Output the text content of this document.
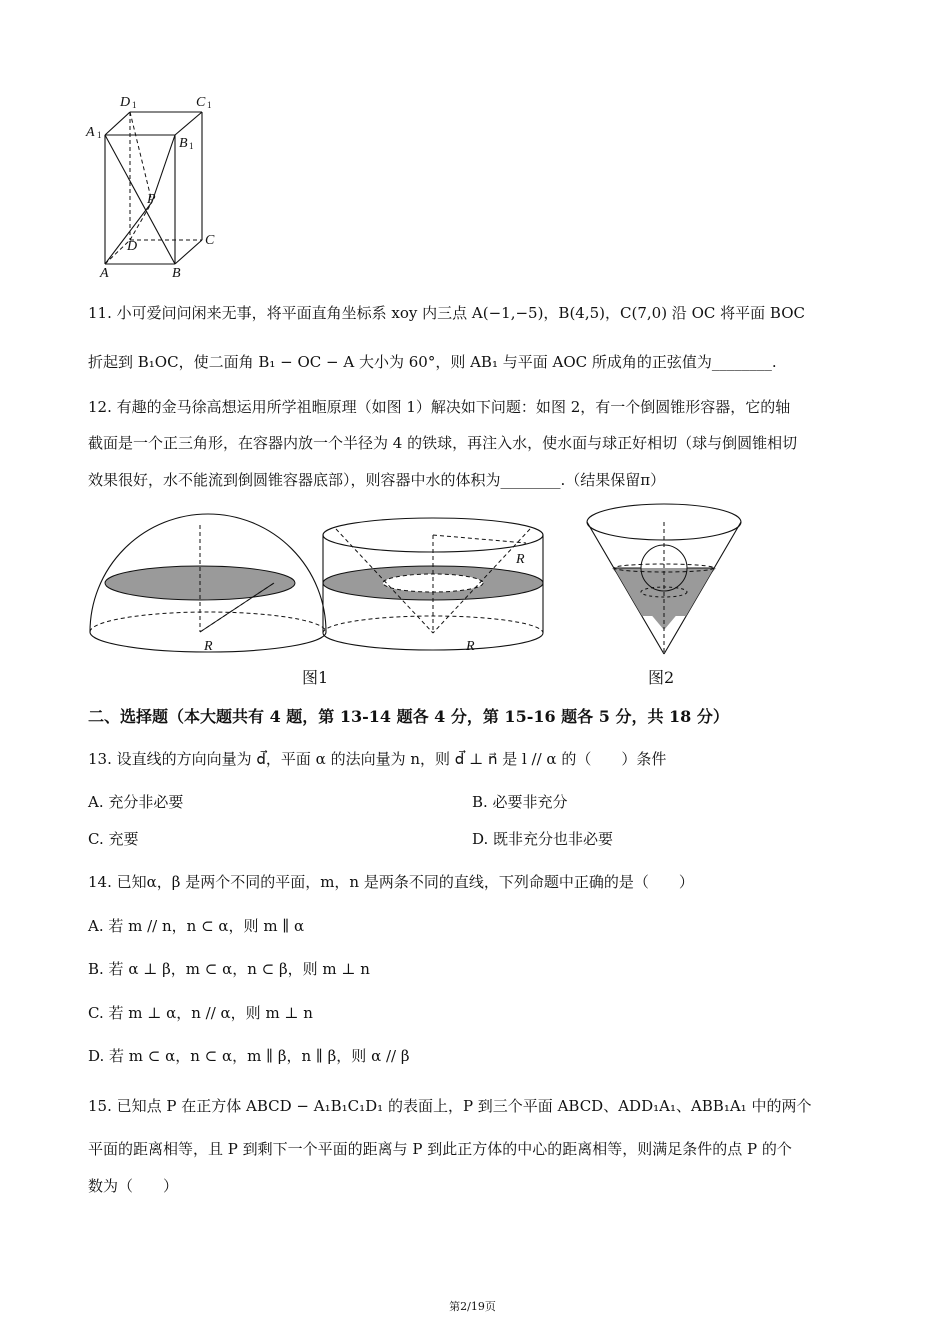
D 1	C 1
A 1
B 1
P
D	C
A	B
11. 小可爱问问闲来无事，将平面直角坐标系 xoy 内三点 A(−1,−5)，B(4,5)，C(7,0) 沿 OC 将平面 BOC
折起到 B₁OC，使二面角 B₁ − OC − A 大小为 60°，则 AB₁ 与平面 AOC 所成角的正弦值为________.
12. 有趣的金马徐高想运用所学祖暅原理（如图 1）解决如下问题：如图 2，有一个倒圆锥形容器，它的轴
截面是一个正三角形，在容器内放一个半径为 4 的铁球，再注入水，使水面与球正好相切（球与倒圆锥相切
效果很好，水不能流到倒圆锥容器底部），则容器中水的体积为________.（结果保留π）
R
R
R
图1	图2
二、选择题（本大题共有 4 题，第 13-14 题各 4 分，第 15-16 题各 5 分，共 18 分）
13. 设直线的方向向量为 d⃗，平面 α 的法向量为 n，则 d⃗ ⊥ n⃗ 是 l // α 的（　　）条件
A. 充分非必要	B. 必要非充分
C. 充要	D. 既非充分也非必要
14. 已知α，β 是两个不同的平面，m，n 是两条不同的直线，下列命题中正确的是（　　）
A. 若 m // n，n ⊂ α，则 m ∥ α
B. 若 α ⊥ β，m ⊂ α，n ⊂ β，则 m ⊥ n
C. 若 m ⊥ α，n // α，则 m ⊥ n
D. 若 m ⊂ α，n ⊂ α，m ∥ β，n ∥ β，则 α // β
15. 已知点 P 在正方体 ABCD − A₁B₁C₁D₁ 的表面上，P 到三个平面 ABCD、ADD₁A₁、ABB₁A₁ 中的两个
平面的距离相等，且 P 到剩下一个平面的距离与 P 到此正方体的中心的距离相等，则满足条件的点 P 的个
数为（　　）
第2/19页
